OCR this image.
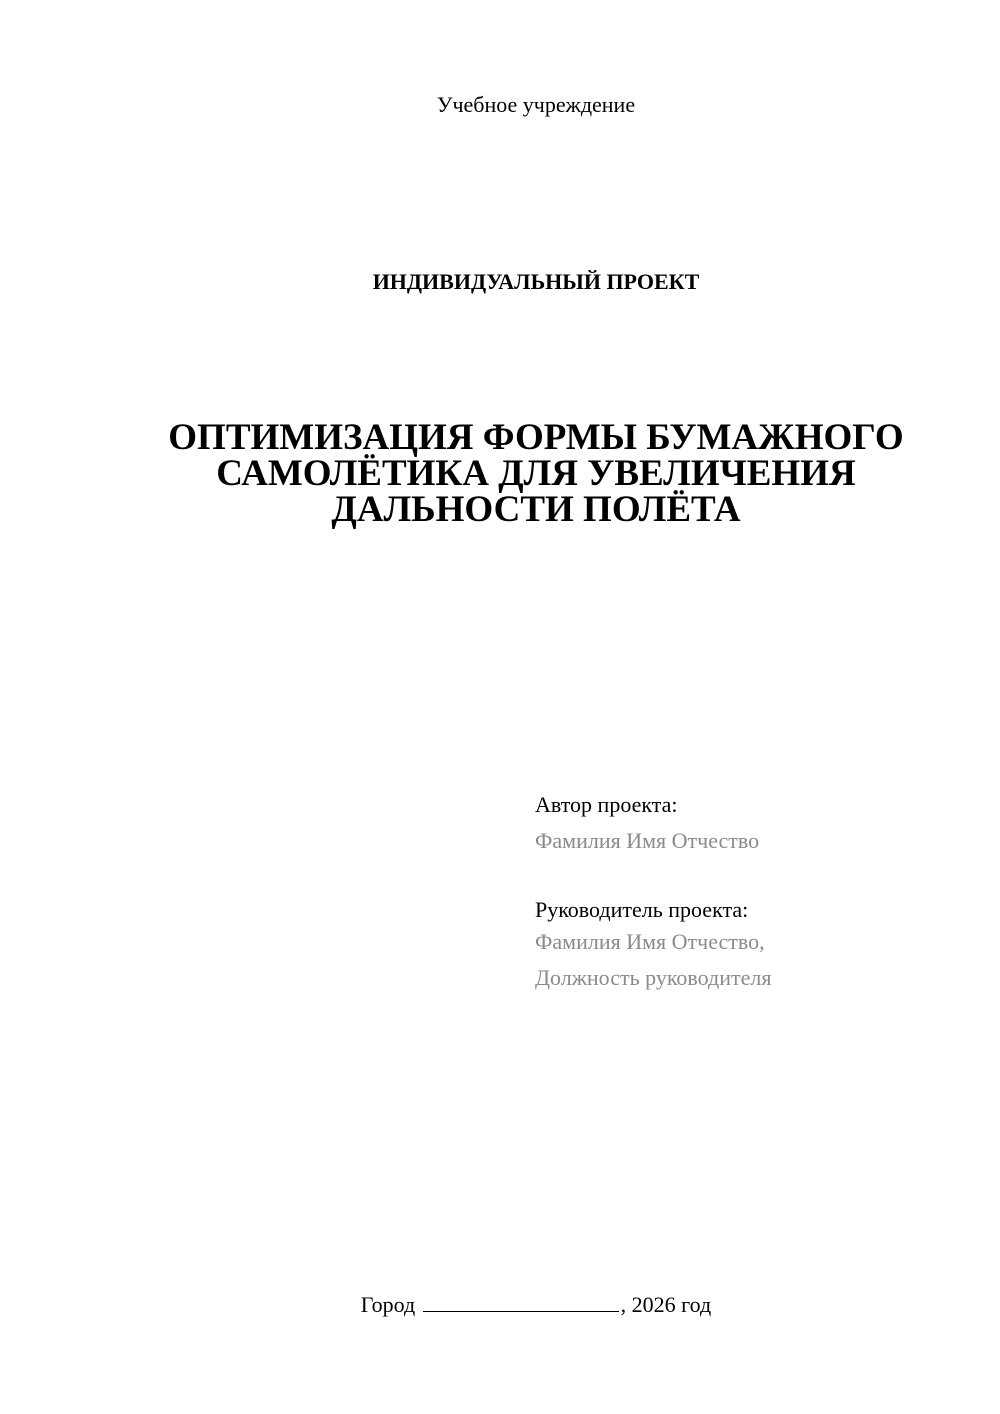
Учебное учреждение
ИНДИВИДУАЛЬНЫЙ ПРОЕКТ
ОПТИМИЗАЦИЯ ФОРМЫ БУМАЖНОГО
САМОЛЁТИКА ДЛЯ УВЕЛИЧЕНИЯ
ДАЛЬНОСТИ ПОЛЁТА
Автор проекта:
Фамилия Имя Отчество
Руководитель проекта:
Фамилия Имя Отчество,
Должность руководителя
Город	, 2026 год
